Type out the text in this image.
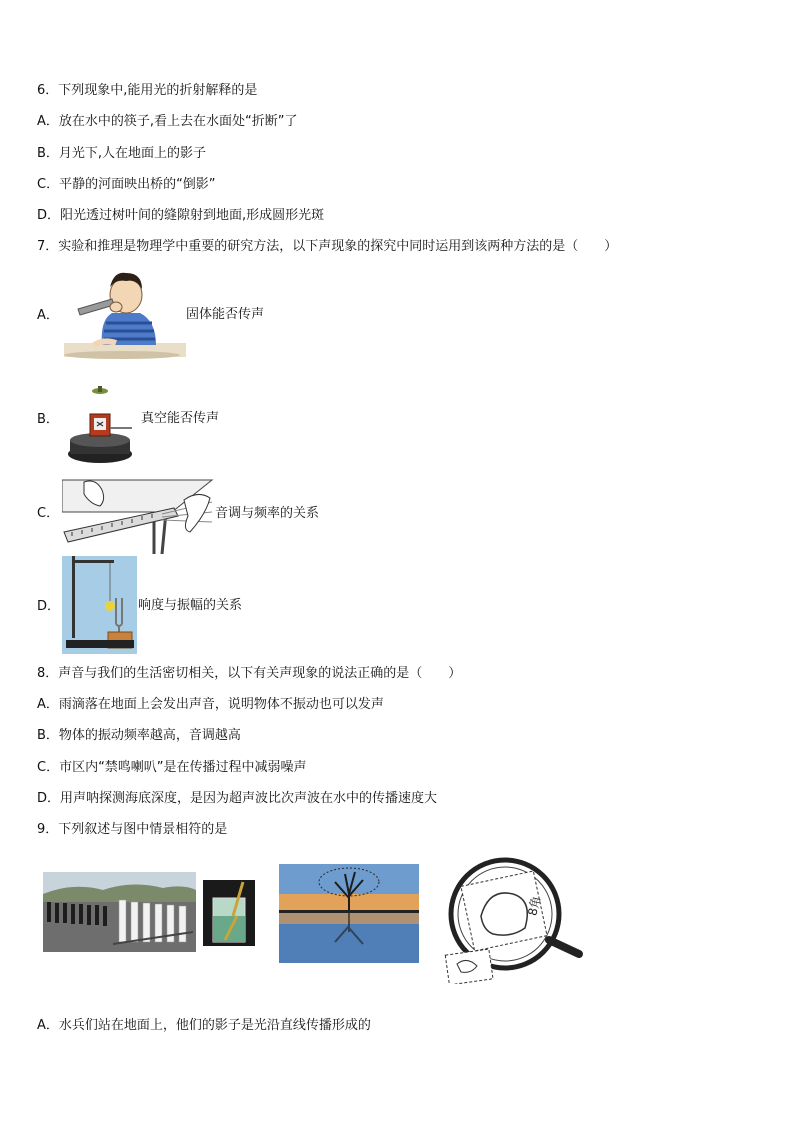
6．下列现象中,能用光的折射解释的是
A．放在水中的筷子,看上去在水面处“折断”了
B．月光下,人在地面上的影子
C．平静的河面映出桥的“倒影”
D．阳光透过树叶间的缝隙射到地面,形成圆形光斑
7．实验和推理是物理学中重要的研究方法，以下声现象的探究中同时运用到该两种方法的是（　　）
A．	固体能否传声
B．	真空能否传声
C．	音调与频率的关系
D．	响度与振幅的关系
8．声音与我们的生活密切相关，以下有关声现象的说法正确的是（　　）
A．雨滴落在地面上会发出声音，说明物体不振动也可以发声
B．物体的振动频率越高，音调越高
C．市区内“禁鸣喇叭”是在传播过程中减弱噪声
D．用声呐探测海底深度，是因为超声波比次声波在水中的传播速度大
9．下列叙述与图中情景相符的是
8角
A．水兵们站在地面上，他们的影子是光沿直线传播形成的
